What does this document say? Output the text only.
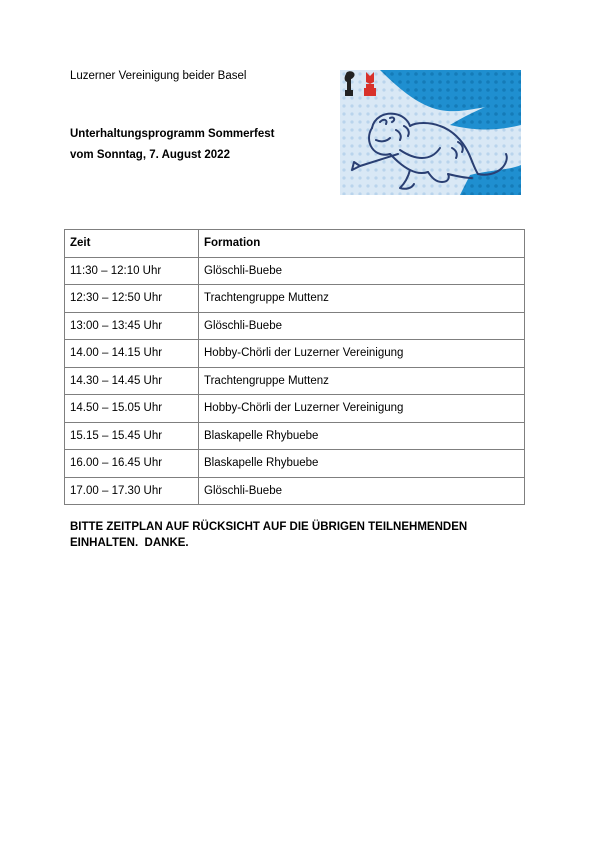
Luzerner Vereinigung beider Basel
Unterhaltungsprogramm Sommerfest
vom Sonntag, 7. August 2022
Zeit	Formation
11:30 – 12:10 Uhr	Glöschli-Buebe
12:30 – 12:50 Uhr	Trachtengruppe Muttenz
13:00 – 13:45 Uhr	Glöschli-Buebe
14.00 – 14.15 Uhr	Hobby-Chörli der Luzerner Vereinigung
14.30 – 14.45 Uhr	Trachtengruppe Muttenz
14.50 – 15.05 Uhr	Hobby-Chörli der Luzerner Vereinigung
15.15 – 15.45 Uhr	Blaskapelle Rhybuebe
16.00 – 16.45 Uhr	Blaskapelle Rhybuebe
17.00 – 17.30 Uhr	Glöschli-Buebe
BITTE ZEITPLAN AUF RÜCKSICHT AUF DIE ÜBRIGEN TEILNEHMENDEN
EINHALTEN.  DANKE.
